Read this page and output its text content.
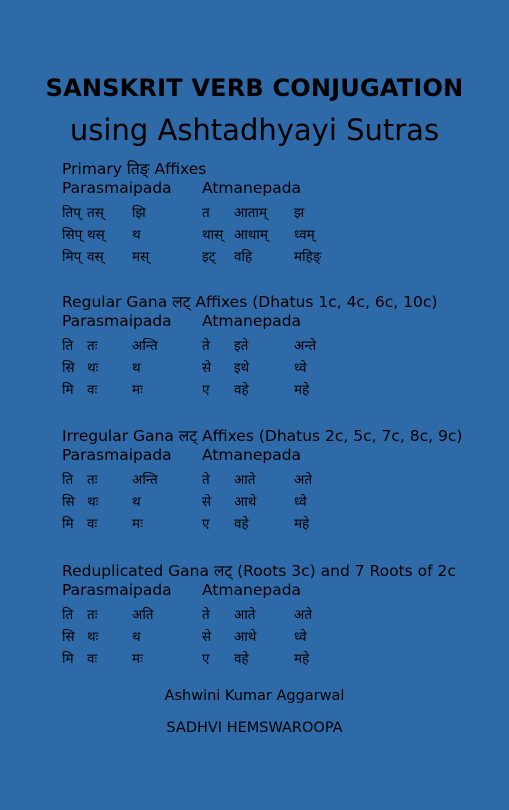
SANSKRIT VERB CONJUGATION
using Ashtadhyayi Sutras
Primary तिङ् Affixes
Parasmaipada Atmanepada
तिप् तस् झि	त आताम् झ
सिप् थस् थ	थास् आथाम् ध्वम्
मिप् वस् मस्	इट् वहि	महिङ्
Regular Gana लट् Affixes (Dhatus 1c, 4c, 6c, 10c)
Parasmaipada Atmanepada
ति तः	अन्ति	ते इते	अन्ते
सि थः थ	से इथे	ध्वे
मि वः	मः	ए वहे	महे
Irregular Gana लट् Affixes (Dhatus 2c, 5c, 7c, 8c, 9c)
Parasmaipada Atmanepada
ति तः	अन्ति	ते आते	अते
सि थः थ	से आथे	ध्वे
मि वः	मः	ए वहे	महे
Reduplicated Gana लट् (Roots 3c) and 7 Roots of 2c
Parasmaipada Atmanepada
ति तः	अति	ते आते	अते
सि थः थ	से आथे	ध्वे
मि वः	मः	ए वहे	महे
Ashwini Kumar Aggarwal
SADHVI HEMSWAROOPA
